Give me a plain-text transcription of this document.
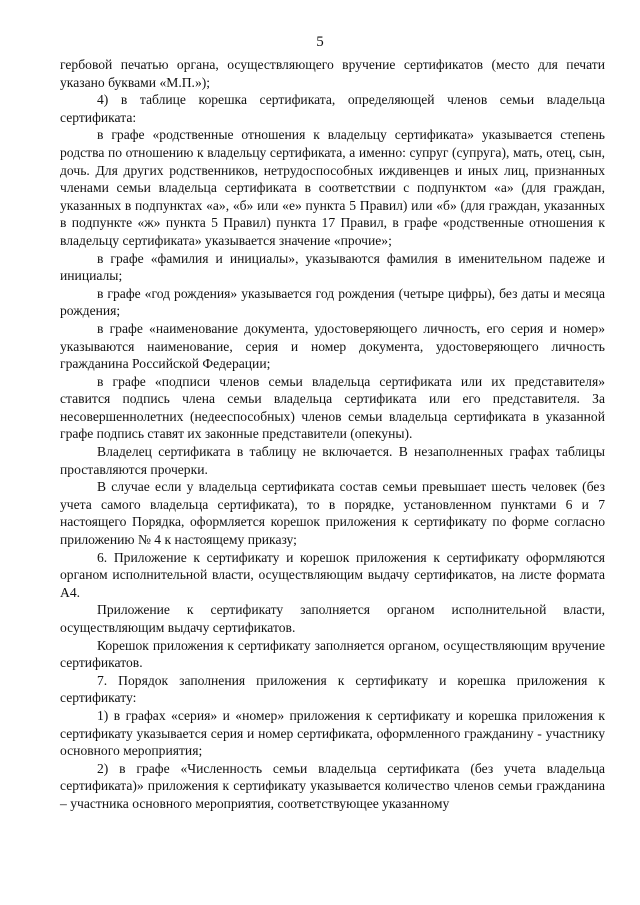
5

гербовой печатью органа, осуществляющего вручение сертификатов (место для печати указано буквами «М.П.»);

4) в таблице корешка сертификата, определяющей членов семьи владельца сертификата:

в графе «родственные отношения к владельцу сертификата» указывается степень родства по отношению к владельцу сертификата, а именно: супруг (супруга), мать, отец, сын, дочь. Для других родственников, нетрудоспособных иждивенцев и иных лиц, признанных членами семьи владельца сертификата в соответствии с подпунктом «а» (для граждан, указанных в подпунктах «а», «б» или «е» пункта 5 Правил) или «б» (для граждан, указанных в подпункте «ж» пункта 5 Правил) пункта 17 Правил, в графе «родственные отношения к владельцу сертификата» указывается значение «прочие»;

в графе «фамилия и инициалы», указываются фамилия в именительном падеже и инициалы;

в графе «год рождения» указывается год рождения (четыре цифры), без даты и месяца рождения;

в графе «наименование документа, удостоверяющего личность, его серия и номер» указываются наименование, серия и номер документа, удостоверяющего личность гражданина Российской Федерации;

в графе «подписи членов семьи владельца сертификата или их представителя» ставится подпись члена семьи владельца сертификата или его представителя. За несовершеннолетних (недееспособных) членов семьи владельца сертификата в указанной графе подпись ставят их законные представители (опекуны).

Владелец сертификата в таблицу не включается. В незаполненных графах таблицы проставляются прочерки.

В случае если у владельца сертификата состав семьи превышает шесть человек (без учета самого владельца сертификата), то в порядке, установленном пунктами 6 и 7 настоящего Порядка, оформляется корешок приложения к сертификату по форме согласно приложению № 4 к настоящему приказу;

6. Приложение к сертификату и корешок приложения к сертификату оформляются органом исполнительной власти, осуществляющим выдачу сертификатов, на листе формата А4.

Приложение к сертификату заполняется органом исполнительной власти, осуществляющим выдачу сертификатов.

Корешок приложения к сертификату заполняется органом, осуществляющим вручение сертификатов.

7. Порядок заполнения приложения к сертификату и корешка приложения к сертификату:

1) в графах «серия» и «номер» приложения к сертификату и корешка приложения к сертификату указывается серия и номер сертификата, оформленного гражданину - участнику основного мероприятия;

2) в графе «Численность семьи владельца сертификата (без учета владельца сертификата)» приложения к сертификату указывается количество членов семьи гражданина – участника основного мероприятия, соответствующее указанному
